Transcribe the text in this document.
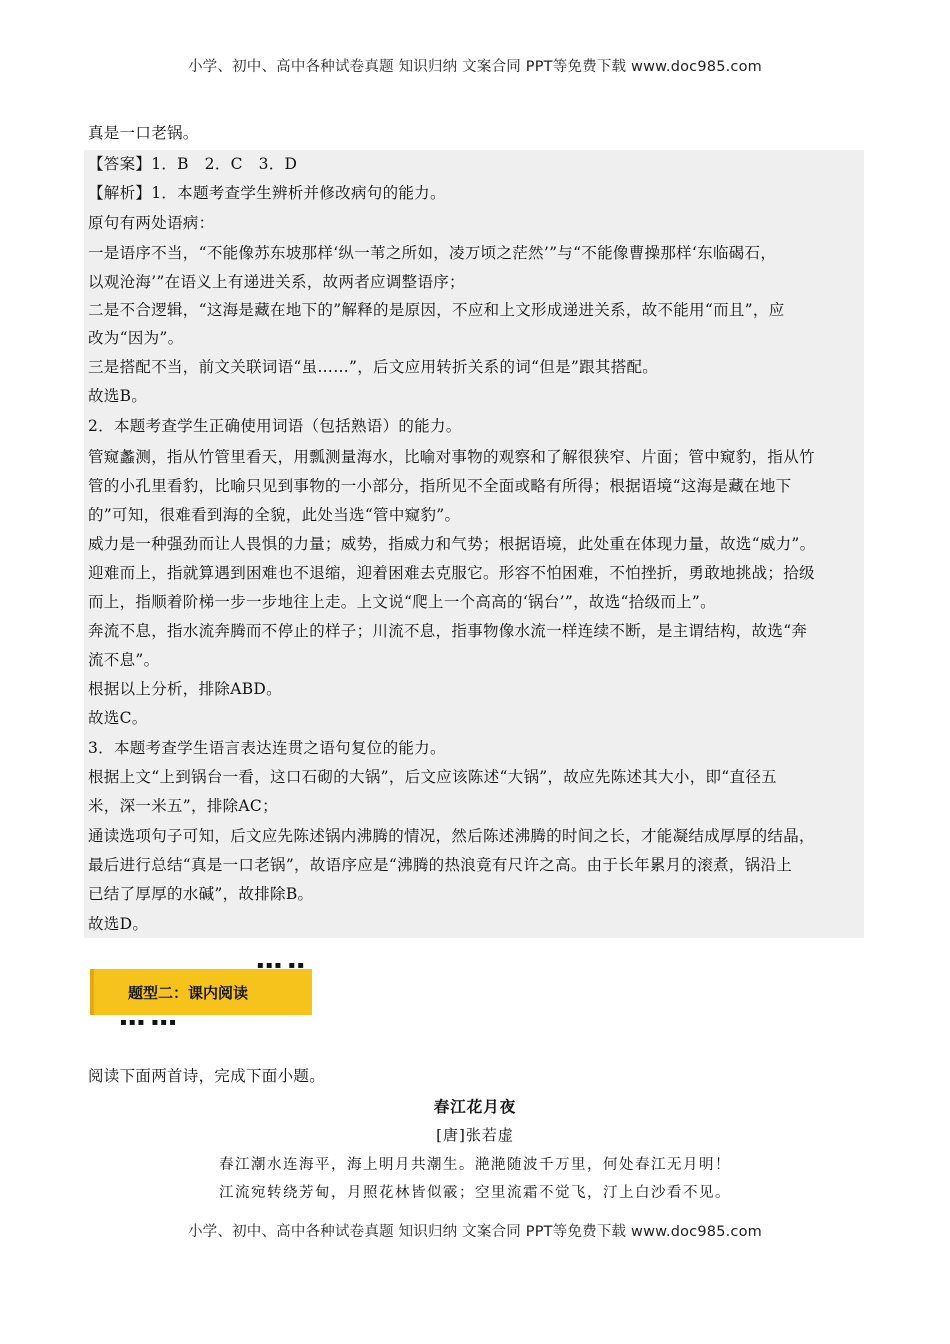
小学、初中、高中各种试卷真题 知识归纳 文案合同 PPT等免费下载 www.doc985.com
真是一口老锅。
【答案】1．B　2．C　3．D
【解析】1．本题考查学生辨析并修改病句的能力。
原句有两处语病：
一是语序不当，“不能像苏东坡那样‘纵一苇之所如，凌万顷之茫然’”与“不能像曹操那样‘东临碣石，
以观沧海’”在语义上有递进关系，故两者应调整语序；
二是不合逻辑，“这海是藏在地下的”解释的是原因，不应和上文形成递进关系，故不能用“而且”，应
改为“因为”。
三是搭配不当，前文关联词语“虽……”，后文应用转折关系的词“但是”跟其搭配。
故选B。
2．本题考查学生正确使用词语（包括熟语）的能力。
管窥蠡测，指从竹管里看天，用瓢测量海水，比喻对事物的观察和了解很狭窄、片面；管中窥豹，指从竹
管的小孔里看豹，比喻只见到事物的一小部分，指所见不全面或略有所得；根据语境“这海是藏在地下
的”可知，很难看到海的全貌，此处当选“管中窥豹”。
威力是一种强劲而让人畏惧的力量；威势，指威力和气势；根据语境，此处重在体现力量，故选“威力”。
迎难而上，指就算遇到困难也不退缩，迎着困难去克服它。形容不怕困难，不怕挫折，勇敢地挑战；拾级
而上，指顺着阶梯一步一步地往上走。上文说“爬上一个高高的‘锅台’”，故选“拾级而上”。
奔流不息，指水流奔腾而不停止的样子；川流不息，指事物像水流一样连续不断，是主谓结构，故选“奔
流不息”。
根据以上分析，排除ABD。
故选C。
3．本题考查学生语言表达连贯之语句复位的能力。
根据上文“上到锅台一看，这口石砌的大锅”，后文应该陈述“大锅”，故应先陈述其大小，即“直径五
米，深一米五”，排除AC；
通读选项句子可知，后文应先陈述锅内沸腾的情况，然后陈述沸腾的时间之长，才能凝结成厚厚的结晶，
最后进行总结“真是一口老锅”，故语序应是“沸腾的热浪竟有尺许之高。由于长年累月的滚煮，锅沿上
已结了厚厚的水碱”，故排除B。
故选D。
▪▪▪ ▪▪
▪▪▪ ▪▪▪
题型二：课内阅读
阅读下面两首诗，完成下面小题。
春江花月夜
[唐]张若虚
春江潮水连海平，海上明月共潮生。滟滟随波千万里，何处春江无月明！
江流宛转绕芳甸，月照花林皆似霰；空里流霜不觉飞，汀上白沙看不见。
小学、初中、高中各种试卷真题 知识归纳 文案合同 PPT等免费下载 www.doc985.com
